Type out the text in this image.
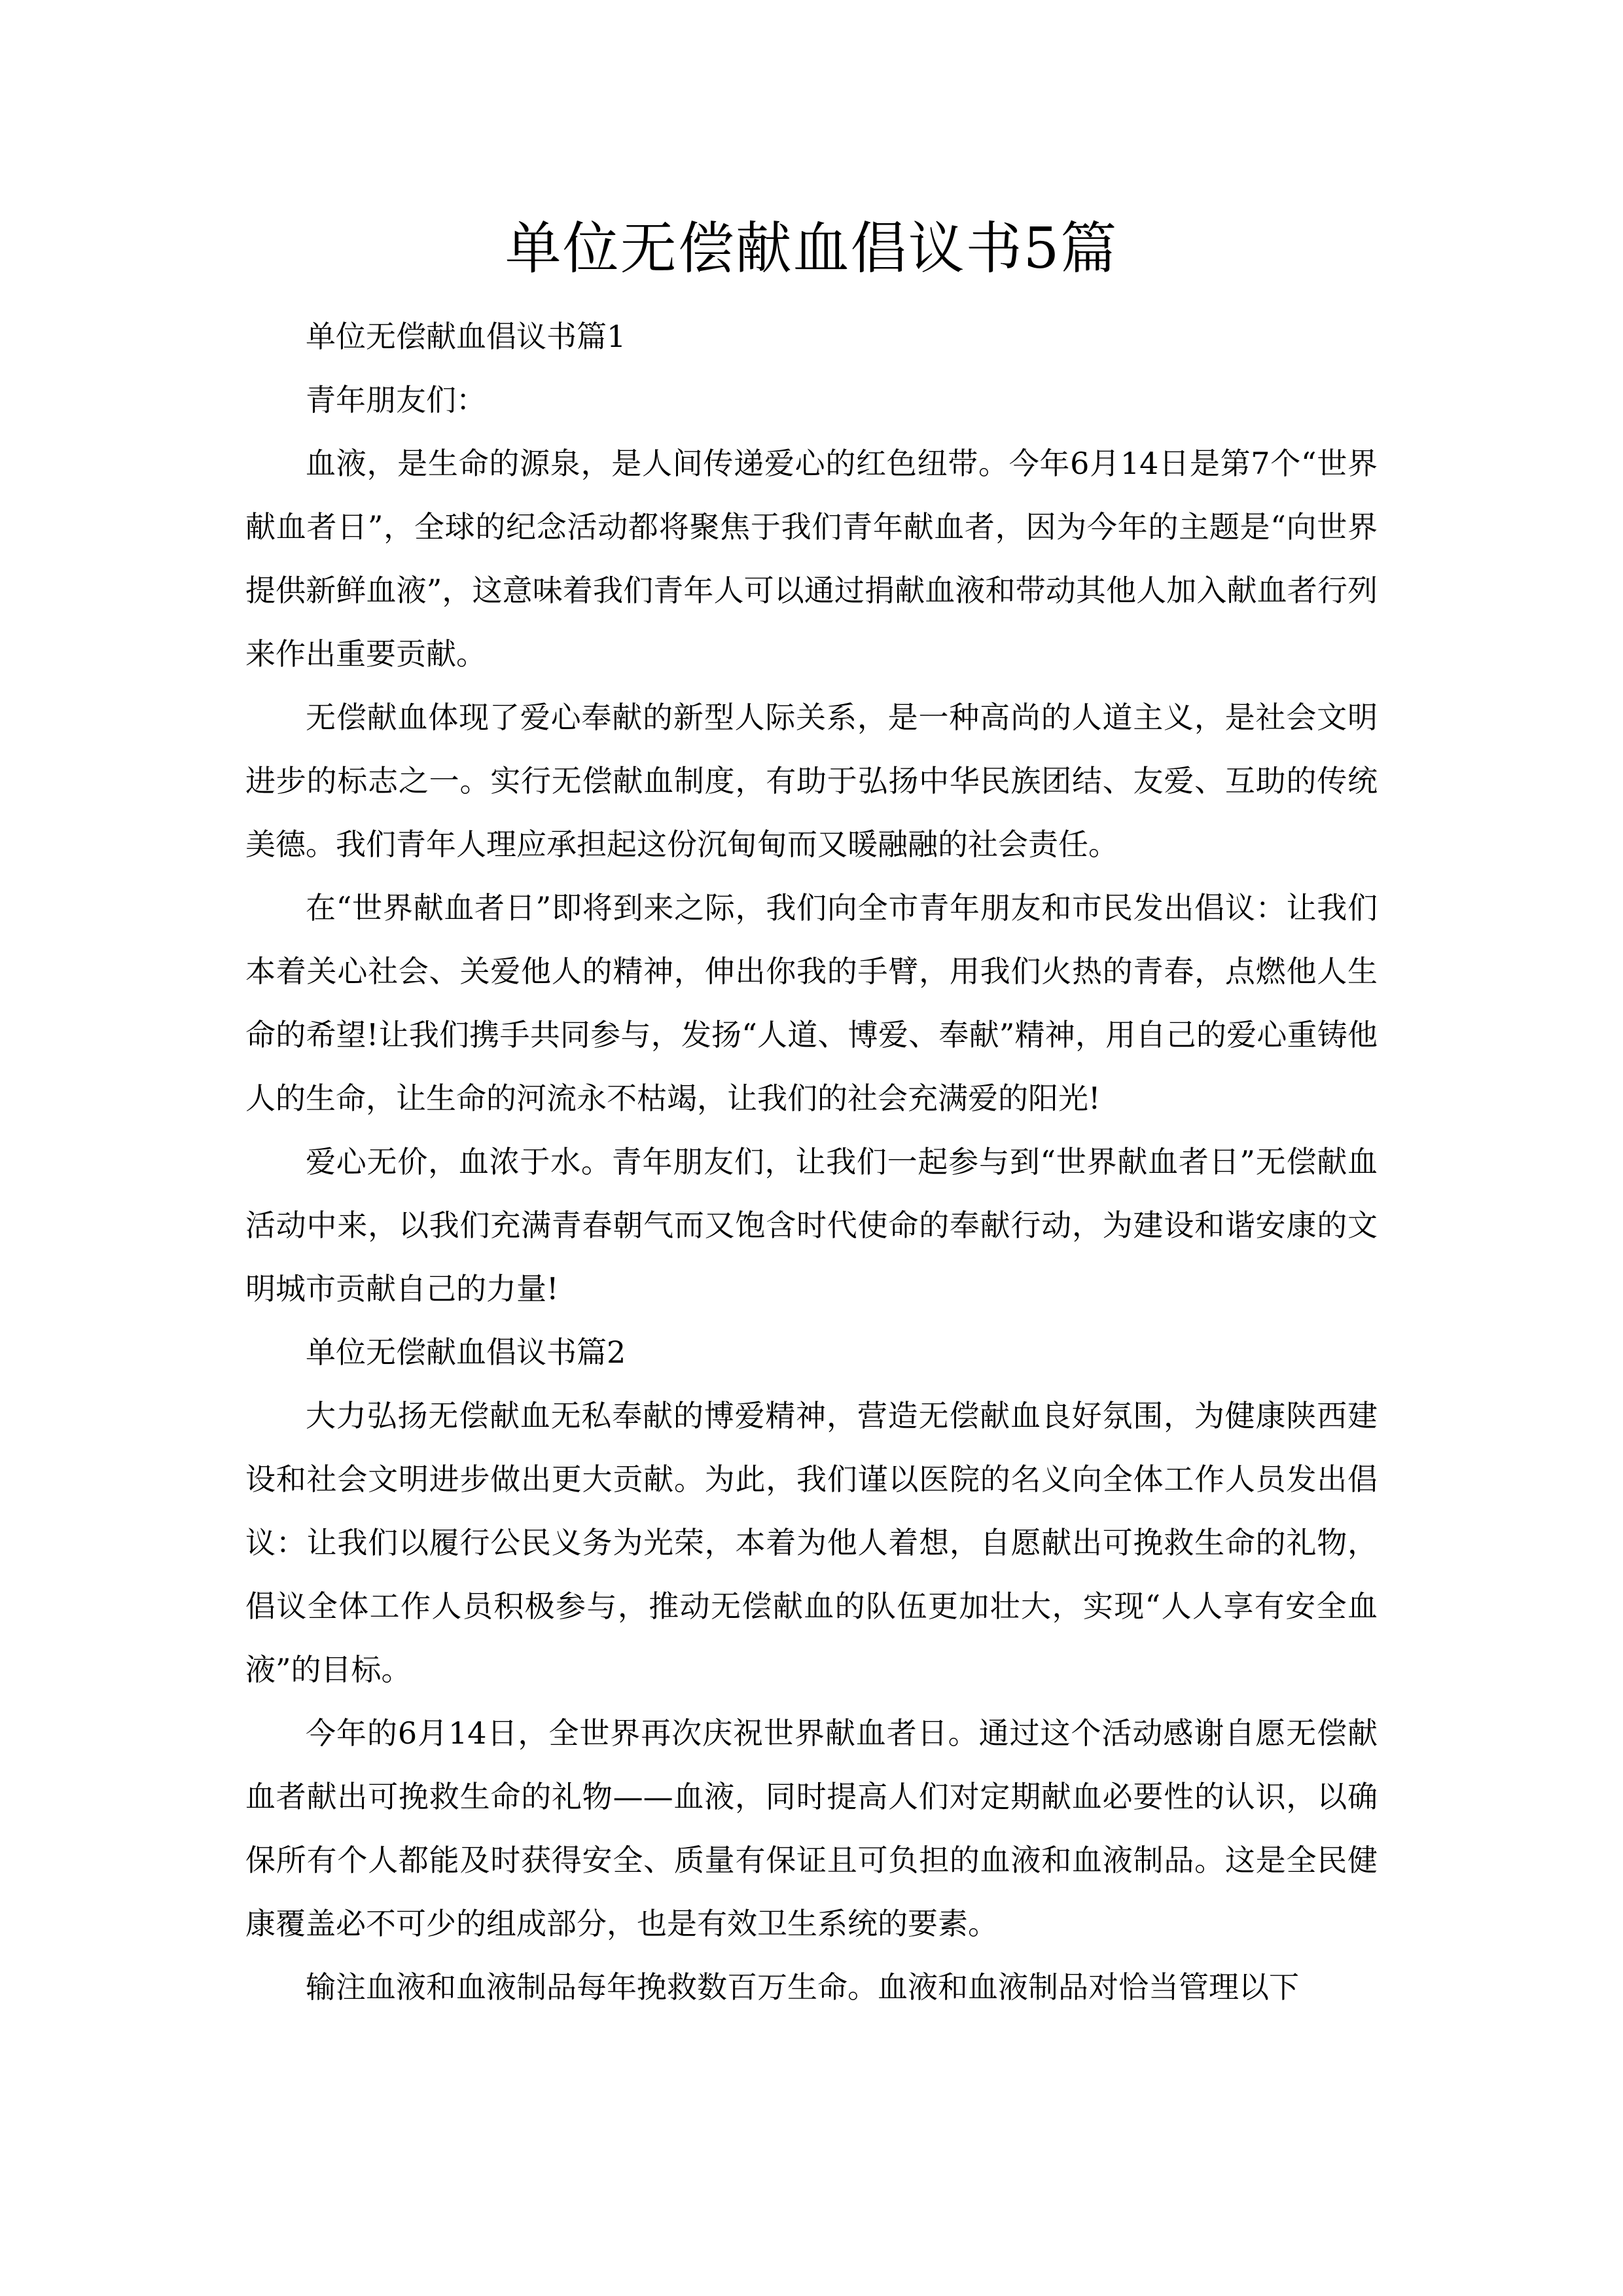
单位无偿献血倡议书5篇

单位无偿献血倡议书篇1

青年朋友们：

血液，是生命的源泉，是人间传递爱心的红色纽带。今年6月14日是第7个“世界献血者日”，全球的纪念活动都将聚焦于我们青年献血者，因为今年的主题是“向世界提供新鲜血液”，这意味着我们青年人可以通过捐献血液和带动其他人加入献血者行列来作出重要贡献。

无偿献血体现了爱心奉献的新型人际关系，是一种高尚的人道主义，是社会文明进步的标志之一。实行无偿献血制度，有助于弘扬中华民族团结、友爱、互助的传统美德。我们青年人理应承担起这份沉甸甸而又暖融融的社会责任。

在“世界献血者日”即将到来之际，我们向全市青年朋友和市民发出倡议：让我们本着关心社会、关爱他人的精神，伸出你我的手臂，用我们火热的青春，点燃他人生命的希望!让我们携手共同参与，发扬“人道、博爱、奉献”精神，用自己的爱心重铸他人的生命，让生命的河流永不枯竭，让我们的社会充满爱的阳光!

爱心无价，血浓于水。青年朋友们，让我们一起参与到“世界献血者日”无偿献血活动中来，以我们充满青春朝气而又饱含时代使命的奉献行动，为建设和谐安康的文明城市贡献自己的力量!

单位无偿献血倡议书篇2

大力弘扬无偿献血无私奉献的博爱精神，营造无偿献血良好氛围，为健康陕西建设和社会文明进步做出更大贡献。为此，我们谨以医院的名义向全体工作人员发出倡议：让我们以履行公民义务为光荣，本着为他人着想，自愿献出可挽救生命的礼物，倡议全体工作人员积极参与，推动无偿献血的队伍更加壮大，实现“人人享有安全血液”的目标。

今年的6月14日，全世界再次庆祝世界献血者日。通过这个活动感谢自愿无偿献血者献出可挽救生命的礼物——血液，同时提高人们对定期献血必要性的认识，以确保所有个人都能及时获得安全、质量有保证且可负担的血液和血液制品。这是全民健康覆盖必不可少的组成部分，也是有效卫生系统的要素。

输注血液和血液制品每年挽救数百万生命。血液和血液制品对恰当管理以下
